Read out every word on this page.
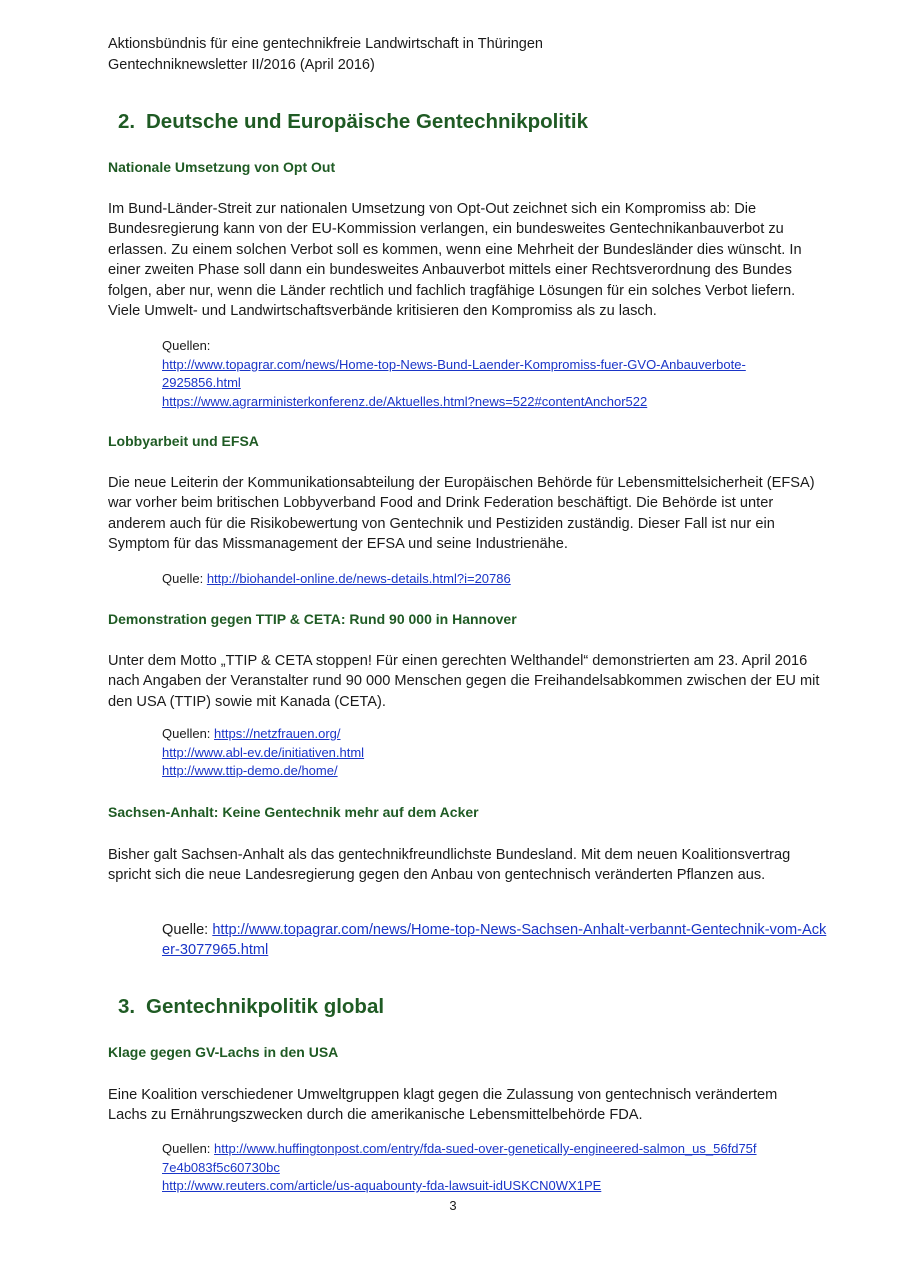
Aktionsbündnis für eine gentechnikfreie Landwirtschaft in Thüringen
Gentechniknewsletter II/2016 (April 2016)
2. Deutsche und Europäische Gentechnikpolitik
Nationale Umsetzung von Opt Out

Im Bund-Länder-Streit zur nationalen Umsetzung von Opt-Out zeichnet sich ein Kompromiss ab: Die Bundesregierung kann von der EU-Kommission verlangen, ein bundesweites Gentechnikanbauverbot zu erlassen. Zu einem solchen Verbot soll es kommen, wenn eine Mehrheit der Bundesländer dies wünscht. In einer zweiten Phase soll dann ein bundesweites Anbauverbot mittels einer Rechtsverordnung des Bundes folgen, aber nur, wenn die Länder rechtlich und fachlich tragfähige Lösungen für ein solches Verbot liefern. Viele Umwelt- und Landwirtschaftsverbände kritisieren den Kompromiss als zu lasch.

Quellen:
http://www.topagrar.com/news/Home-top-News-Bund-Laender-Kompromiss-fuer-GVO-Anbauverbote-2925856.html
https://www.agrarministerkonferenz.de/Aktuelles.html?news=522#contentAnchor522
Lobbyarbeit und EFSA

Die neue Leiterin der Kommunikationsabteilung der Europäischen Behörde für Lebensmittelsicherheit (EFSA) war vorher beim britischen Lobbyverband Food and Drink Federation beschäftigt. Die Behörde ist unter anderem auch für die Risikobewertung von Gentechnik und Pestiziden zuständig. Dieser Fall ist nur ein Symptom für das Missmanagement der EFSA und seine Industrienähe.

Quelle: http://biohandel-online.de/news-details.html?i=20786
Demonstration gegen TTIP & CETA: Rund 90 000 in Hannover

Unter dem Motto „TTIP & CETA stoppen! Für einen gerechten Welthandel“ demonstrierten am 23. April 2016 nach Angaben der Veranstalter rund 90 000 Menschen gegen die Freihandelsabkommen zwischen der EU mit den USA (TTIP) sowie mit Kanada (CETA).

Quellen: https://netzfrauen.org/
http://www.abl-ev.de/initiativen.html
http://www.ttip-demo.de/home/
Sachsen-Anhalt: Keine Gentechnik mehr auf dem Acker

Bisher galt Sachsen-Anhalt als das gentechnikfreundlichste Bundesland. Mit dem neuen Koalitionsvertrag spricht sich die neue Landesregierung gegen den Anbau von gentechnisch veränderten Pflanzen aus.

Quelle: http://www.topagrar.com/news/Home-top-News-Sachsen-Anhalt-verbannt-Gentechnik-vom-Acker-3077965.html
3. Gentechnikpolitik global
Klage gegen GV-Lachs in den USA

Eine Koalition verschiedener Umweltgruppen klagt gegen die Zulassung von gentechnisch verändertem Lachs zu Ernährungszwecken durch die amerikanische Lebensmittelbehörde FDA.

Quellen: http://www.huffingtonpost.com/entry/fda-sued-over-genetically-engineered-salmon_us_56fd75f7e4b083f5c60730bc
http://www.reuters.com/article/us-aquabounty-fda-lawsuit-idUSKCN0WX1PE
3
